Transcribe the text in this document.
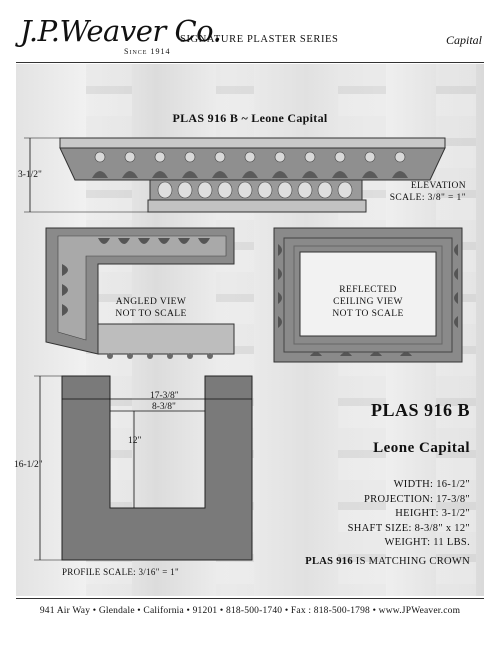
J.P.Weaver Co.
Since 1914
SIGNATURE PLASTER SERIES	Capital
PLAS 916 B ~ Leone Capital
3-1/2"
ELEVATION
SCALE: 3/8" = 1"
ANGLED VIEW
NOT TO SCALE
REFLECTED
CEILING VIEW
NOT TO SCALE
17-3/8"
8-3/8"
12"
16-1/2"
PROFILE SCALE: 3/16" = 1"
PLAS 916 B
Leone Capital
WIDTH: 16-1/2"
PROJECTION: 17-3/8"
HEIGHT: 3-1/2"
SHAFT SIZE: 8-3/8" x 12"
WEIGHT: 11 LBS.
PLAS 916 IS MATCHING CROWN
941 Air Way • Glendale • California • 91201 • 818-500-1740 • Fax : 818-500-1798 • www.JPWeaver.com
